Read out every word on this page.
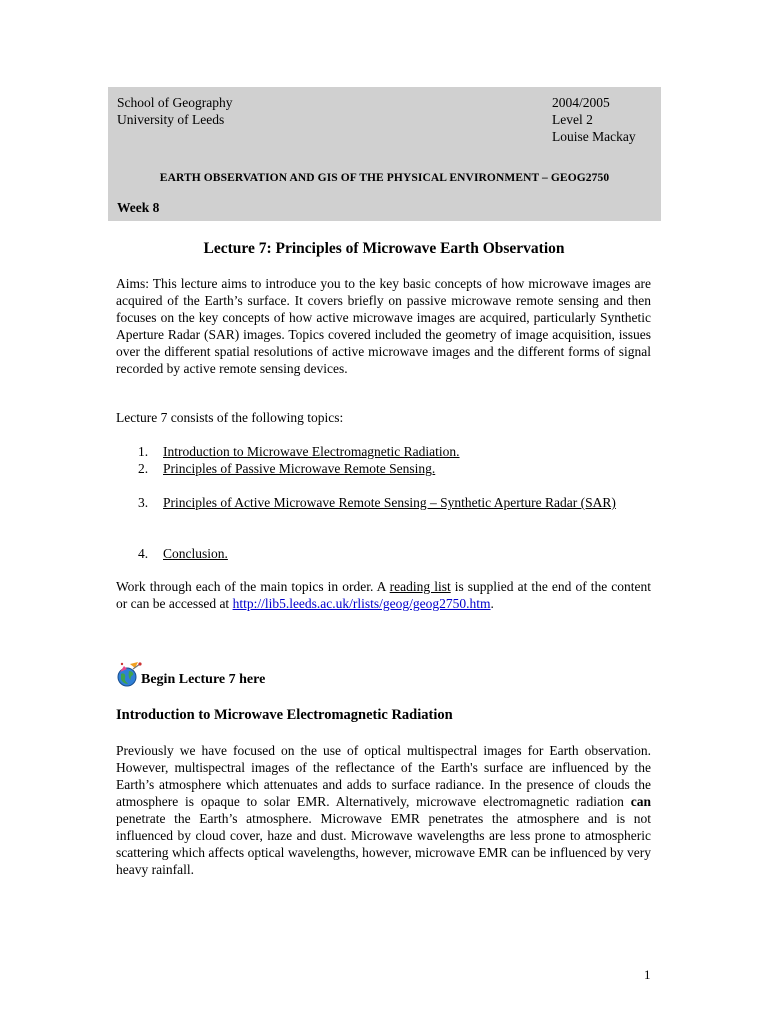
School of Geography
University of Leeds
2004/2005
Level 2
Louise Mackay
EARTH OBSERVATION AND GIS OF THE PHYSICAL ENVIRONMENT – GEOG2750
Week 8
Lecture 7: Principles of Microwave Earth Observation

Aims: This lecture aims to introduce you to the key basic concepts of how microwave images are acquired of the Earth’s surface. It covers briefly on passive microwave remote sensing and then focuses on the key concepts of how active microwave images are acquired, particularly Synthetic Aperture Radar (SAR) images. Topics covered included the geometry of image acquisition, issues over the different spatial resolutions of active microwave images and the different forms of signal recorded by active remote sensing devices.

Lecture 7 consists of the following topics:
1. Introduction to Microwave Electromagnetic Radiation.
2. Principles of Passive Microwave Remote Sensing.
3. Principles of Active Microwave Remote Sensing – Synthetic Aperture Radar (SAR)
4. Conclusion.

Work through each of the main topics in order. A reading list is supplied at the end of the content or can be accessed at http://lib5.leeds.ac.uk/rlists/geog/geog2750.htm.

Begin Lecture 7 here
Introduction to Microwave Electromagnetic Radiation

Previously we have focused on the use of optical multispectral images for Earth observation. However, multispectral images of the reflectance of the Earth's surface are influenced by the Earth’s atmosphere which attenuates and adds to surface radiance. In the presence of clouds the atmosphere is opaque to solar EMR. Alternatively, microwave electromagnetic radiation can penetrate the Earth’s atmosphere. Microwave EMR penetrates the atmosphere and is not influenced by cloud cover, haze and dust. Microwave wavelengths are less prone to atmospheric scattering which affects optical wavelengths, however, microwave EMR can be influenced by very heavy rainfall.

1
